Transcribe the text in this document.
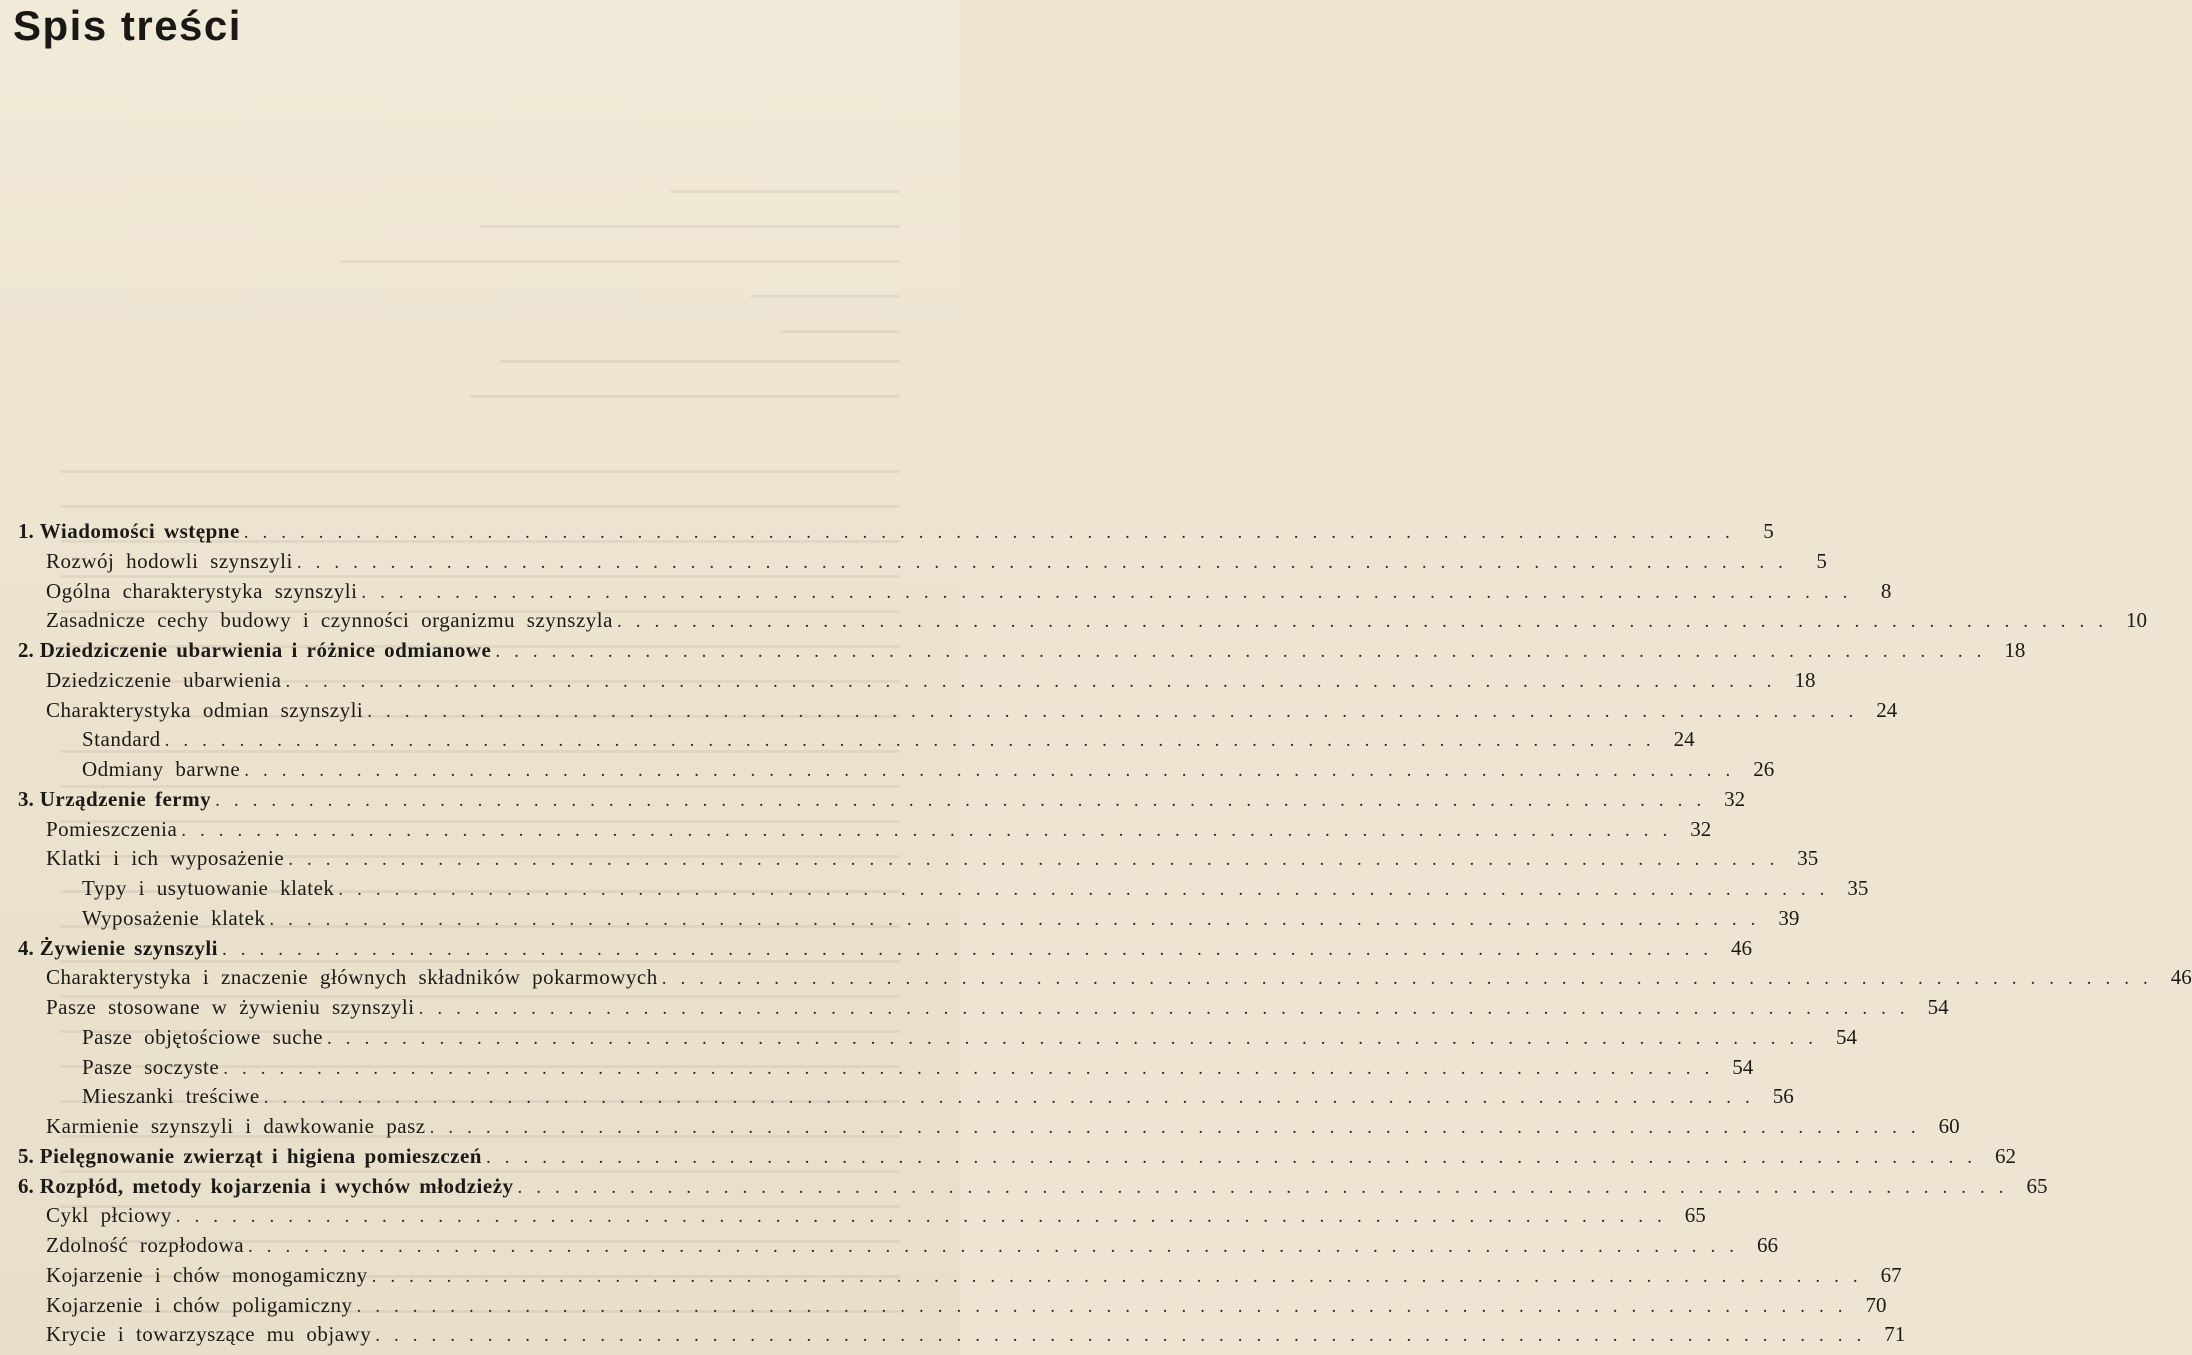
Spis treści
1. Wiadomości wstępne ................................................................................ 5
Rozwój hodowli szynszyli ................................................................................ 5
Ogólna charakterystyka szynszyli ................................................................................ 8
Zasadnicze cechy budowy i czynności organizmu szynszyla ................................................................................ 10
2. Dziedziczenie ubarwienia i różnice odmianowe ................................................................................ 18
Dziedziczenie ubarwienia ................................................................................ 18
Charakterystyka odmian szynszyli ................................................................................ 24
Standard ................................................................................ 24
Odmiany barwne ................................................................................ 26
3. Urządzenie fermy ................................................................................ 32
Pomieszczenia ................................................................................ 32
Klatki i ich wyposażenie ................................................................................ 35
Typy i usytuowanie klatek ................................................................................ 35
Wyposażenie klatek ................................................................................ 39
4. Żywienie szynszyli ................................................................................ 46
Charakterystyka i znaczenie głównych składników pokarmowych ................................................................................ 46
Pasze stosowane w żywieniu szynszyli ................................................................................ 54
Pasze objętościowe suche ................................................................................ 54
Pasze soczyste ................................................................................ 54
Mieszanki treściwe ................................................................................ 56
Karmienie szynszyli i dawkowanie pasz ................................................................................ 60
5. Pielęgnowanie zwierząt i higiena pomieszczeń ................................................................................ 62
6. Rozpłód, metody kojarzenia i wychów młodzieży ................................................................................ 65
Cykl płciowy ................................................................................ 65
Zdolność rozpłodowa ................................................................................ 66
Kojarzenie i chów monogamiczny ................................................................................ 67
Kojarzenie i chów poligamiczny ................................................................................ 70
Krycie i towarzyszące mu objawy ................................................................................ 71
